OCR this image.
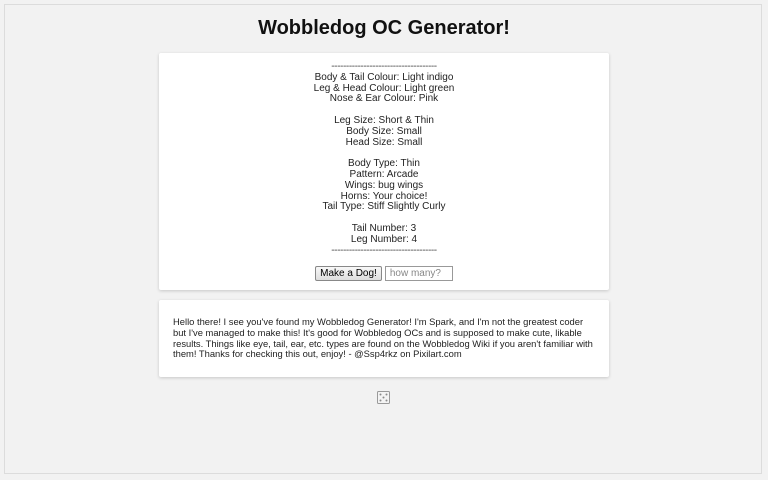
Wobbledog OC Generator!
------------------------------------
Body & Tail Colour: Light indigo
Leg & Head Colour: Light green
Nose & Ear Colour: Pink
Leg Size: Short & Thin
Body Size: Small
Head Size: Small
Body Type: Thin
Pattern: Arcade
Wings: bug wings
Horns: Your choice!
Tail Type: Stiff Slightly Curly
Tail Number: 3
Leg Number: 4
------------------------------------
Make a Dog! how many?
Hello there! I see you've found my Wobbledog Generator! I'm Spark, and I'm not the greatest coder but I've managed to make this! It's good for Wobbledog OCs and is supposed to make cute, likable results. Things like eye, tail, ear, etc. types are found on the Wobbledog Wiki if you aren't familiar with them! Thanks for checking this out, enjoy! - @Ssp4rkz on Pixilart.com
